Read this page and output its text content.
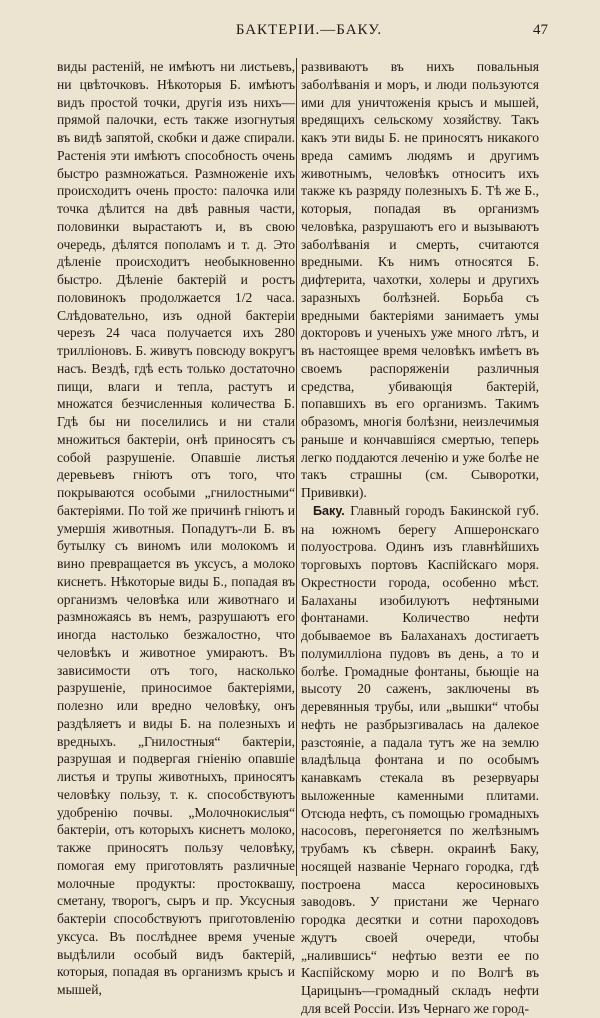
БАКТЕРІИ.—БАКУ.	47

виды растеній, не имѣютъ ни листьевъ, ни цвѣточковъ. Нѣкоторыя Б. имѣютъ видъ простой точки, другія изъ нихъ—прямой палочки, есть также изогнутыя въ видѣ запятой, скобки и даже спирали. Растенія эти имѣютъ способность очень быстро размножаться. Размноженіе ихъ происходитъ очень просто: палочка или точка дѣлится на двѣ равныя части, половинки вырастаютъ и, въ свою очередь, дѣлятся пополамъ и т. д. Это дѣленіе происходитъ необыкновенно быстро. Дѣленіе бактерій и ростъ половинокъ продолжается 1/2 часа. Слѣдовательно, изъ одной бактеріи черезъ 24 часа получается ихъ 280 трилліоновъ. Б. живутъ повсюду вокругъ насъ. Вездѣ, гдѣ есть только достаточно пищи, влаги и тепла, растутъ и множатся безчисленныя количества Б. Гдѣ бы ни поселились и ни стали множиться бактеріи, онѣ приносятъ съ собой разрушеніе. Опавшіе листья деревьевъ гніютъ отъ того, что покрываются особыми „гнилостными“ бактеріями. По той же причинѣ гніютъ и умершія животныя. Попадутъ-ли Б. въ бутылку съ виномъ или молокомъ и вино превращается въ уксусъ, а молоко киснетъ. Нѣкоторые виды Б., попадая въ организмъ человѣка или животнаго и размножаясь въ немъ, разрушаютъ его иногда настолько безжалостно, что человѣкъ и животное умираютъ. Въ зависимости отъ того, насколько разрушеніе, приносимое бактеріями, полезно или вредно человѣку, онъ раздѣляетъ и виды Б. на полезныхъ и вредныхъ. „Гнилостныя“ бактеріи, разрушая и подвергая гніенію опавшіе листья и трупы животныхъ, приносятъ человѣку пользу, т. к. способствуютъ удобренію почвы. „Молочнокислыя“ бактеріи, отъ которыхъ киснетъ молоко, также приносятъ пользу человѣку, помогая ему приготовлять различные молочные продукты: простоквашу, сметану, творогъ, сыръ и пр. Уксусныя бактеріи способствуютъ приготовленію уксуса. Въ послѣднее время ученые выдѣлили особый видъ бактерій, которыя, попадая въ организмъ крысъ и мышей,

развиваютъ въ нихъ повальныя заболѣванія и моръ, и люди пользуются ими для уничтоженія крысъ и мышей, вредящихъ сельскому хозяйству. Такъ какъ эти виды Б. не приносятъ никакого вреда самимъ людямъ и другимъ животнымъ, человѣкъ относитъ ихъ также къ разряду полезныхъ Б. Тѣ же Б., которыя, попадая въ организмъ человѣка, разрушаютъ его и вызываютъ заболѣванія и смерть, считаются вредными. Къ нимъ относятся Б. дифтерита, чахотки, холеры и другихъ заразныхъ болѣзней. Борьба съ вредными бактеріями занимаетъ умы докторовъ и ученыхъ уже много лѣтъ, и въ настоящее время человѣкъ имѣетъ въ своемъ распоряженіи различныя средства, убивающія бактерій, попавшихъ въ его организмъ. Такимъ образомъ, многія болѣзни, неизлечимыя раньше и кончавшіяся смертью, теперь легко поддаются леченію и уже болѣе не такъ страшны (см. Сыворотки, Прививки).

Баку. Главный городъ Бакинской губ. на южномъ берегу Апшеронскаго полуострова. Одинъ изъ главнѣйшихъ торговыхъ портовъ Каспійскаго моря. Окрестности города, особенно мѣст. Балаханы изобилуютъ нефтяными фонтанами. Количество нефти добываемое въ Балаханахъ достигаетъ полумилліона пудовъ въ день, а то и болѣе. Громадные фонтаны, бьющіе на высоту 20 саженъ, заключены въ деревянныя трубы, или „вышки“ чтобы нефть не разбрызгивалась на далекое разстояніе, а падала тутъ же на землю владѣльца фонтана и по особымъ канавкамъ стекала въ резервуары выложенные каменными плитами. Отсюда нефть, съ помощью громадныхъ насосовъ, перегоняется по желѣзнымъ трубамъ къ сѣверн. окраинѣ Баку, носящей названіе Чернаго городка, гдѣ построена масса керосиновыхъ заводовъ. У пристани же Чернаго городка десятки и сотни пароходовъ ждутъ своей очереди, чтобы „налившись“ нефтью везти ее по Каспійскому морю и по Волгѣ въ Царицынъ—громадный складъ нефти для всей Россіи. Изъ Чернаго же город-
